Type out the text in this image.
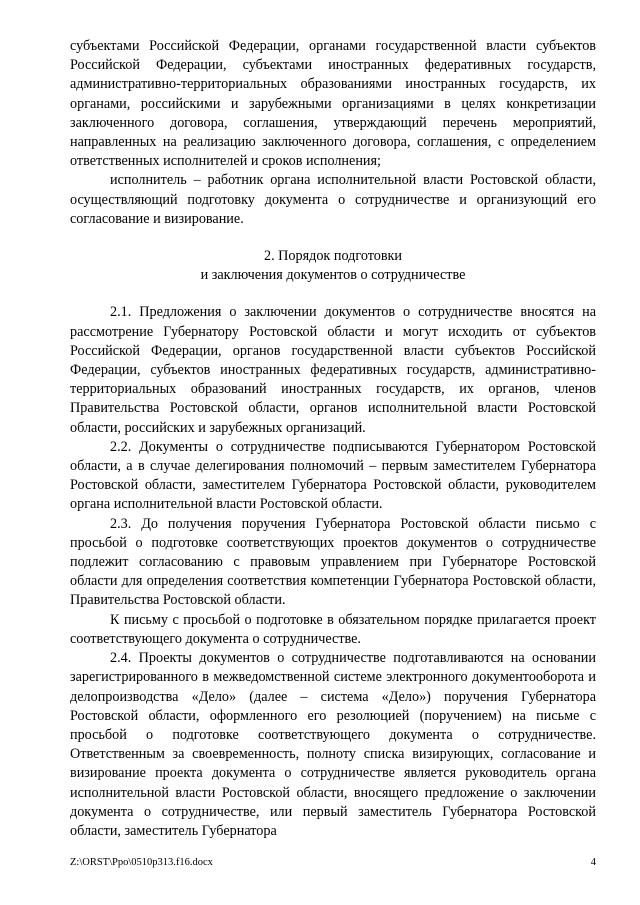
субъектами Российской Федерации, органами государственной власти субъектов Российской Федерации, субъектами иностранных федеративных государств, административно-территориальных образованиями иностранных государств, их органами, российскими и зарубежными организациями в целях конкретизации заключенного договора, соглашения, утверждающий перечень мероприятий, направленных на реализацию заключенного договора, соглашения, с определением ответственных исполнителей и сроков исполнения;

исполнитель – работник органа исполнительной власти Ростовской области, осуществляющий подготовку документа о сотрудничестве и организующий его согласование и визирование.

2. Порядок подготовки

и заключения документов о сотрудничестве

2.1. Предложения о заключении документов о сотрудничестве вносятся на рассмотрение Губернатору Ростовской области и могут исходить от субъектов Российской Федерации, органов государственной власти субъектов Российской Федерации, субъектов иностранных федеративных государств, административно-территориальных образований иностранных государств, их органов, членов Правительства Ростовской области, органов исполнительной власти Ростовской области, российских и зарубежных организаций.

2.2. Документы о сотрудничестве подписываются Губернатором Ростовской области, а в случае делегирования полномочий – первым заместителем Губернатора Ростовской области, заместителем Губернатора Ростовской области, руководителем органа исполнительной власти Ростовской области.

2.3. До получения поручения Губернатора Ростовской области письмо с просьбой о подготовке соответствующих проектов документов о сотрудничестве подлежит согласованию с правовым управлением при Губернаторе Ростовской области для определения соответствия компетенции Губернатора Ростовской области, Правительства Ростовской области.

К письму с просьбой о подготовке в обязательном порядке прилагается проект соответствующего документа о сотрудничестве.

2.4. Проекты документов о сотрудничестве подготавливаются на основании зарегистрированного в межведомственной системе электронного документооборота и делопроизводства «Дело» (далее – система «Дело») поручения Губернатора Ростовской области, оформленного его резолюцией (поручением) на письме с просьбой о подготовке соответствующего документа о сотрудничестве. Ответственным за своевременность, полноту списка визирующих, согласование и визирование проекта документа о сотрудничестве является руководитель органа исполнительной власти Ростовской области, вносящего предложение о заключении документа о сотрудничестве, или первый заместитель Губернатора Ростовской области, заместитель Губернатора

Z:\ORST\Ppo\0510p313.f16.docx	4
